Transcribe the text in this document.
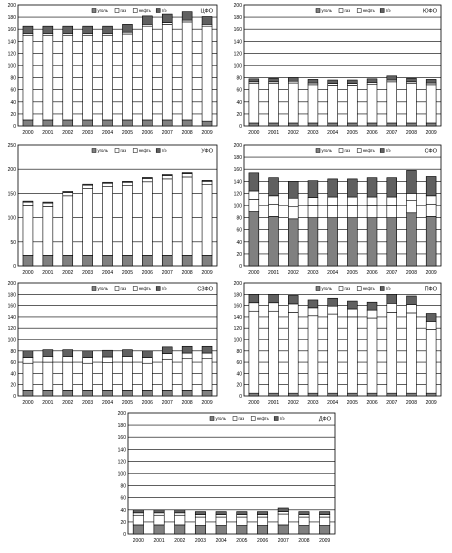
0
20
40
60
80
100
120
140
160
180
200
2000 2001 2002 2003 2004 2005 2006 2007 2008 2009
уголь	газ	нефть	г/э	ЦФО
0
20
40
60
80
100
120
140
160
180
200
2000 2001 2002 2003 2004 2005 2006 2007 2008 2009
уголь	газ	нефть	г/э	ЮФО
0
50
100
150
200
250
2000 2001 2002 2003 2004 2005 2006 2007 2008 2009
уголь	газ	нефть	г/э	УФО
0
20
40
60
80
100
120
140
160
180
200
2000 2001 2002 2003 2004 2005 2006 2007 2008 2009
уголь	газ	нефть	г/э	СФО
0
20
40
60
80
100
120
140
160
180
200
2000 2001 2002 2003 2004 2005 2006 2007 2008 2009
уголь	газ	нефть	г/э	СЗФО
0
20
40
60
80
100
120
140
160
180
200
2000 2001 2002 2003 2004 2005 2006 2007 2008 2009
уголь	газ	нефть	г/э	ПФО
0
20
40
60
80
100
120
140
160
180
200
2000 2001 2002 2003 2004 2005 2006 2007 2008 2009
уголь	газ	нефть	г/э	ДФО
